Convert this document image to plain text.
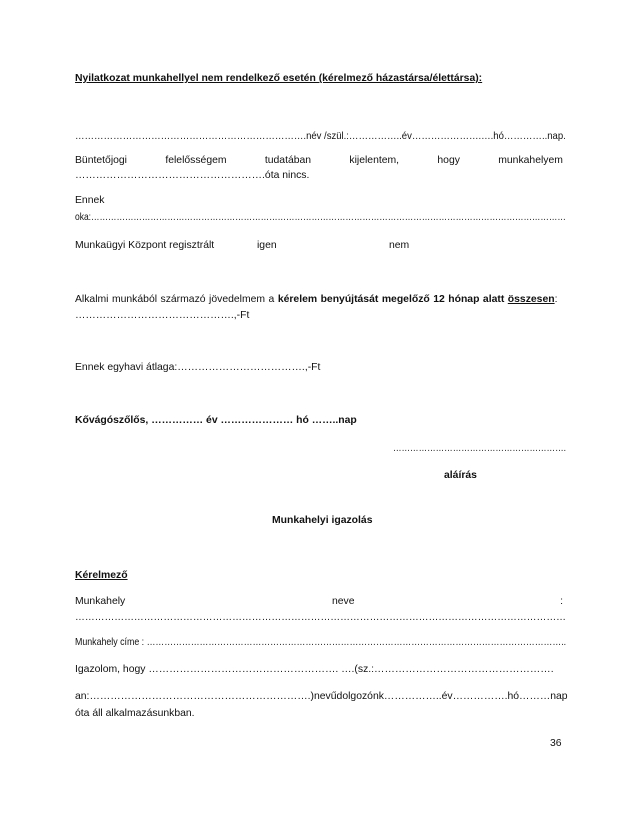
Nyilatkozat munkahellyel nem rendelkező esetén (kérelmező házastársa/élettársa):
……………………………………………………………….név /szül.:……………..év………………….….hó…………..nap.
Büntetőjogi	felelősségem	tudatában	kijelentem,	hogy	munkahelyem
……………………………………………….óta nincs.
Ennek
oka:……………………………………………………………………………………………………………………………………………………
Munkaügyi Központ regisztrált	igen	nem
Alkalmi munkából származó jövedelmem a kérelem benyújtását megelőző 12 hónap alatt összesen:
……………………………………….,-Ft
Ennek egyhavi átlaga:……………………………….,-Ft
Kővágószőlős, …………… év ………………… hó ……..nap
…………………………………………………….
aláírás
Munkahelyi igazolás
Kérelmező
Munkahely	neve	:
……………………………………………………………………………………………………………………………………
Munkahely címe : ……………………………………………………………………………………………………………………………..
Igazolom, hogy ………………………………………………. ….(sz.:…………………………………………….
an:……………………………………………………….) nevű dolgozónk …………….. év ……………. hó ……… nap
óta áll alkalmazásunkban.
36
